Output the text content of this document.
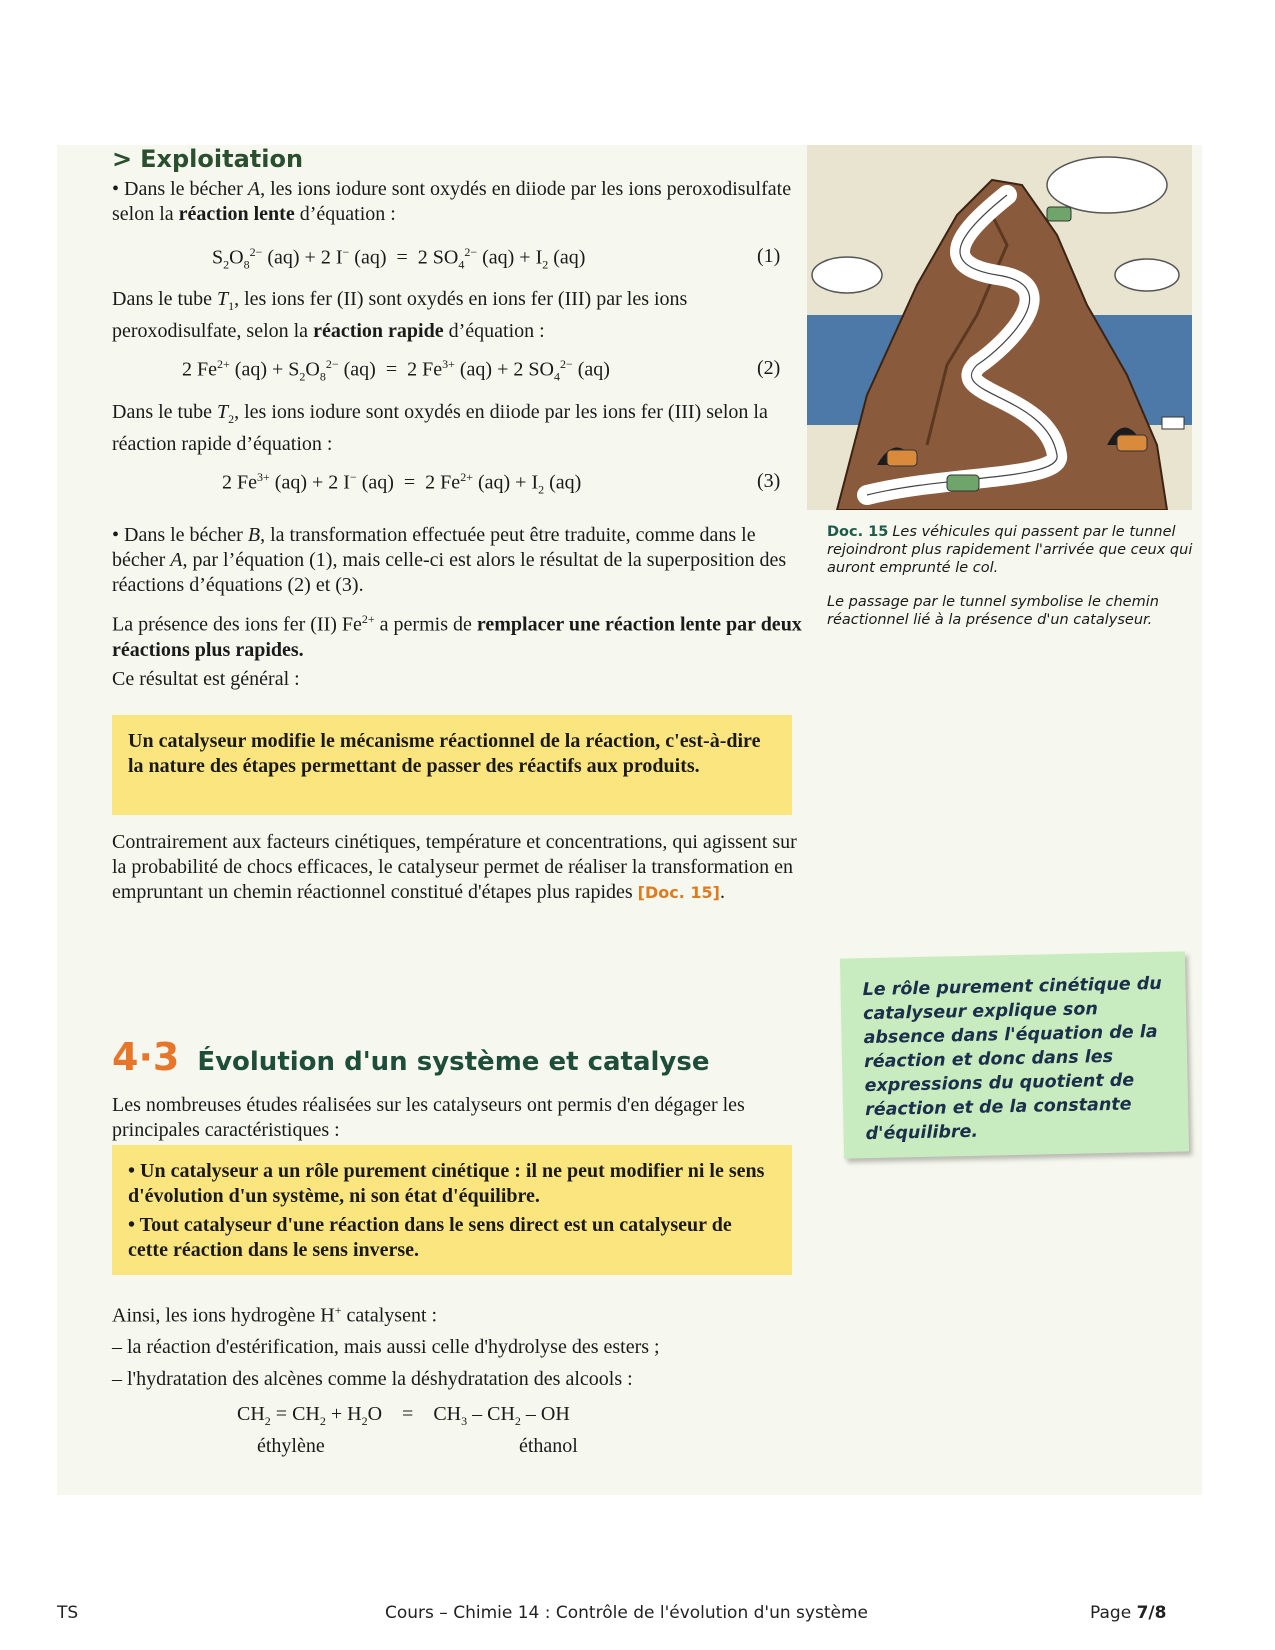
> Exploitation

• Dans le bécher A, les ions iodure sont oxydés en diiode par les ions peroxodisulfate selon la réaction lente d’équation :

$S_2O_8^{2-}$ (aq) + 2 I− (aq)  =  2 $SO_4^{2-}$ $(aq) + I_2$ (aq)	(1)

Dans le tube $T_1$, les ions fer (II) sont oxydés en ions fer (III) par les ions peroxodisulfate, selon la réaction rapide d’équation :

2 $Fe^{2+}$ $(aq) + S_2O_8^{2-}$ (aq)  =  2 $Fe^{3+}$ (aq) + 2 $SO_4^{2-}$ (aq)	(2)

Dans le tube $T_2$, les ions iodure sont oxydés en diiode par les ions fer (III) selon la réaction rapide d’équation :

2 $Fe^{3+}$ (aq) + 2 I− (aq)  =  2 $Fe^{2+}$ $(aq) + I_2$ (aq)	(3)

• Dans le bécher B, la transformation effectuée peut être traduite, comme dans le bécher A, par l’équation (1), mais celle-ci est alors le résultat de la superposition des réactions d’équations (2) et (3).

La présence des ions fer (II) $Fe^{2+}$ a permis de remplacer une réaction lente par deux réactions plus rapides.

Ce résultat est général :

Un catalyseur modifie le mécanisme réactionnel de la réaction, c'est-à-dire la nature des étapes permettant de passer des réactifs aux produits.

Contrairement aux facteurs cinétiques, température et concentrations, qui agissent sur la probabilité de chocs efficaces, le catalyseur permet de réaliser la transformation en empruntant un chemin réactionnel constitué d'étapes plus rapides [Doc. 15].

4·3 Évolution d'un système et catalyse

Les nombreuses études réalisées sur les catalyseurs ont permis d'en dégager les principales caractéristiques :

• Un catalyseur a un rôle purement cinétique : il ne peut modifier ni le sens d'évolution d'un système, ni son état d'équilibre.
• Tout catalyseur d'une réaction dans le sens direct est un catalyseur de cette réaction dans le sens inverse.

Ainsi, les ions hydrogène H+ catalysent :

– la réaction d'estérification, mais aussi celle d'hydrolyse des esters ;

– l'hydratation des alcènes comme la déshydratation des alcools :

$CH_2 = CH_2 + H_2O$    =    $CH_3 - CH_2$ – OH
éthylène	éthanol
Doc. 15 Les véhicules qui passent par le tunnel rejoindront plus rapidement l'arrivée que ceux qui auront emprunté le col.
Le passage par le tunnel symbolise le chemin réactionnel lié à la présence d'un catalyseur.
Le rôle purement cinétique du catalyseur explique son absence dans l'équation de la réaction et donc dans les expressions du quotient de réaction et de la constante d'équilibre.
TS	Cours – Chimie 14 : Contrôle de l'évolution d'un système	Page 7/8
